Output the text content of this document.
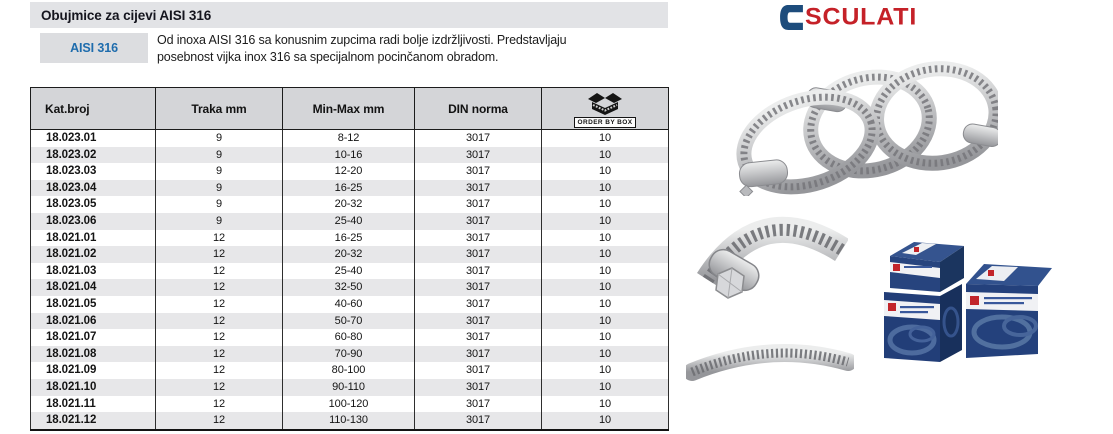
Obujmice za cijevi AISI 316
AISI 316
Od inoxa AISI 316 sa konusnim zupcima radi bolje izdržljivosti. Predstavljaju
posebnost vijka inox 316 sa specijalnom pocinčanom obradom.
SCULATI
Kat.broj	Traka mm	Min-Max mm	DIN norma	ORDER BY BOX

18.023.01	9	8-12	3017	10
18.023.02	9	10-16	3017	10
18.023.03	9	12-20	3017	10
18.023.04	9	16-25	3017	10
18.023.05	9	20-32	3017	10
18.023.06	9	25-40	3017	10
18.021.01	12	16-25	3017	10
18.021.02	12	20-32	3017	10
18.021.03	12	25-40	3017	10
18.021.04	12	32-50	3017	10
18.021.05	12	40-60	3017	10
18.021.06	12	50-70	3017	10
18.021.07	12	60-80	3017	10
18.021.08	12	70-90	3017	10
18.021.09	12	80-100	3017	10
18.021.10	12	90-110	3017	10
18.021.11	12	100-120	3017	10
18.021.12	12	110-130	3017	10
